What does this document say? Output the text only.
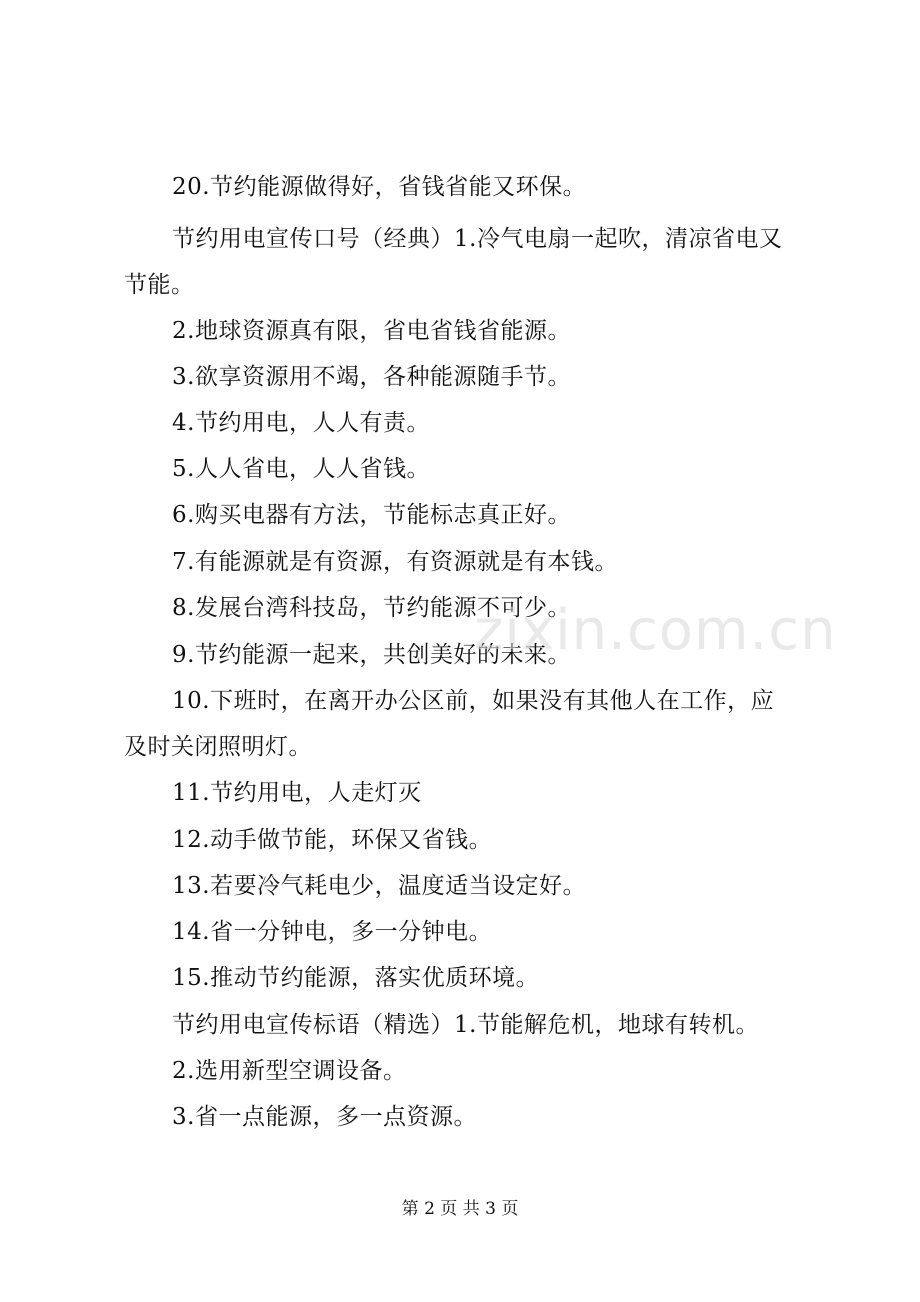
20.节约能源做得好，省钱省能又环保。
节约用电宣传口号（经典）1.冷气电扇一起吹，清凉省电又
节能。
2.地球资源真有限，省电省钱省能源。
3.欲享资源用不竭，各种能源随手节。
4.节约用电，人人有责。
5.人人省电，人人省钱。
6.购买电器有方法，节能标志真正好。
7.有能源就是有资源，有资源就是有本钱。
8.发展台湾科技岛，节约能源不可少。
9.节约能源一起来，共创美好的未来。
10.下班时，在离开办公区前，如果没有其他人在工作，应
及时关闭照明灯。
11.节约用电，人走灯灭
12.动手做节能，环保又省钱。
13.若要冷气耗电少，温度适当设定好。
14.省一分钟电，多一分钟电。
15.推动节约能源，落实优质环境。
节约用电宣传标语（精选）1.节能解危机，地球有转机。
2.选用新型空调设备。
3.省一点能源，多一点资源。
zixin.com.cn
第 2 页 共 3 页
